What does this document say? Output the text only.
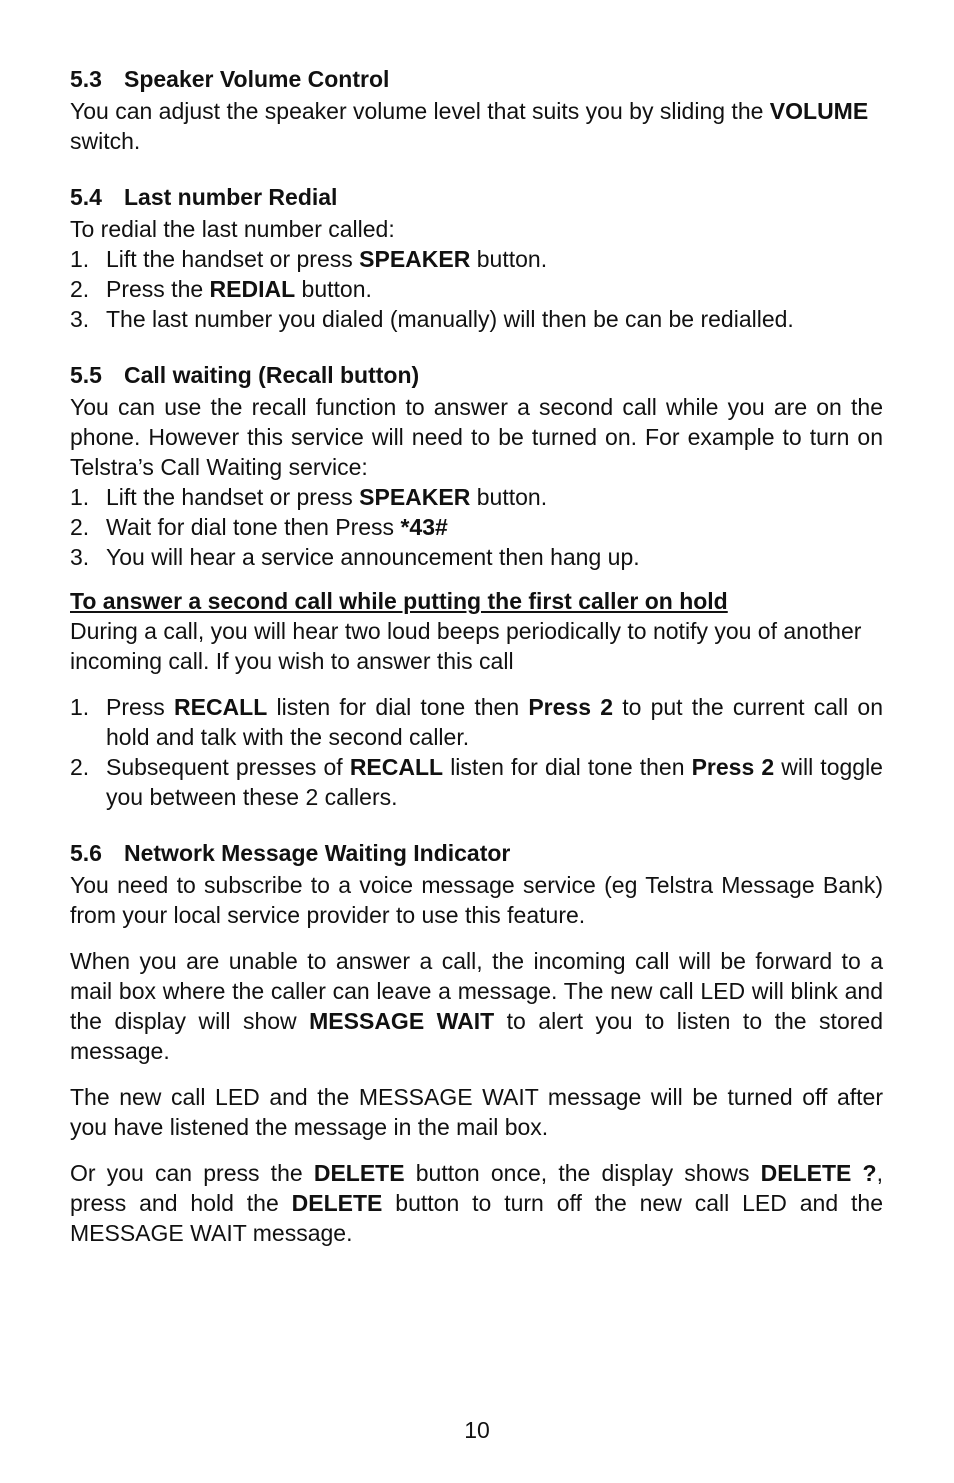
5.3 Speaker Volume Control

You can adjust the speaker volume level that suits you by sliding the VOLUME
switch.

5.4 Last number Redial

To redial the last number called:

1. Lift the handset or press SPEAKER button.
2. Press the REDIAL button.
3. The last number you dialed (manually) will then be can be redialled.
5.5 Call waiting (Recall button)

You can use the recall function to answer a second call while you are on the phone. However this service will need to be turned on. For example to turn on Telstra’s Call Waiting service:

1. Lift the handset or press SPEAKER button.
2. Wait for dial tone then Press *43#
3. You will hear a service announcement then hang up.
To answer a second call while putting the first caller on hold

During a call, you will hear two loud beeps periodically to notify you of another incoming call. If you wish to answer this call

1. Press RECALL listen for dial tone then Press 2 to put the current call on hold and talk with the second caller.
2. Subsequent presses of RECALL listen for dial tone then Press 2 will toggle you between these 2 callers.
5.6 Network Message Waiting Indicator

You need to subscribe to a voice message service (eg Telstra Message Bank) from your local service provider to use this feature.

When you are unable to answer a call, the incoming call will be forward to a mail box where the caller can leave a message. The new call LED will blink and the display will show MESSAGE WAIT to alert you to listen to the stored message.

The new call LED and the MESSAGE WAIT message will be turned off after you have listened the message in the mail box.

Or you can press the DELETE button once, the display shows DELETE ?, press and hold the DELETE button to turn off the new call LED and the MESSAGE WAIT message.

10
